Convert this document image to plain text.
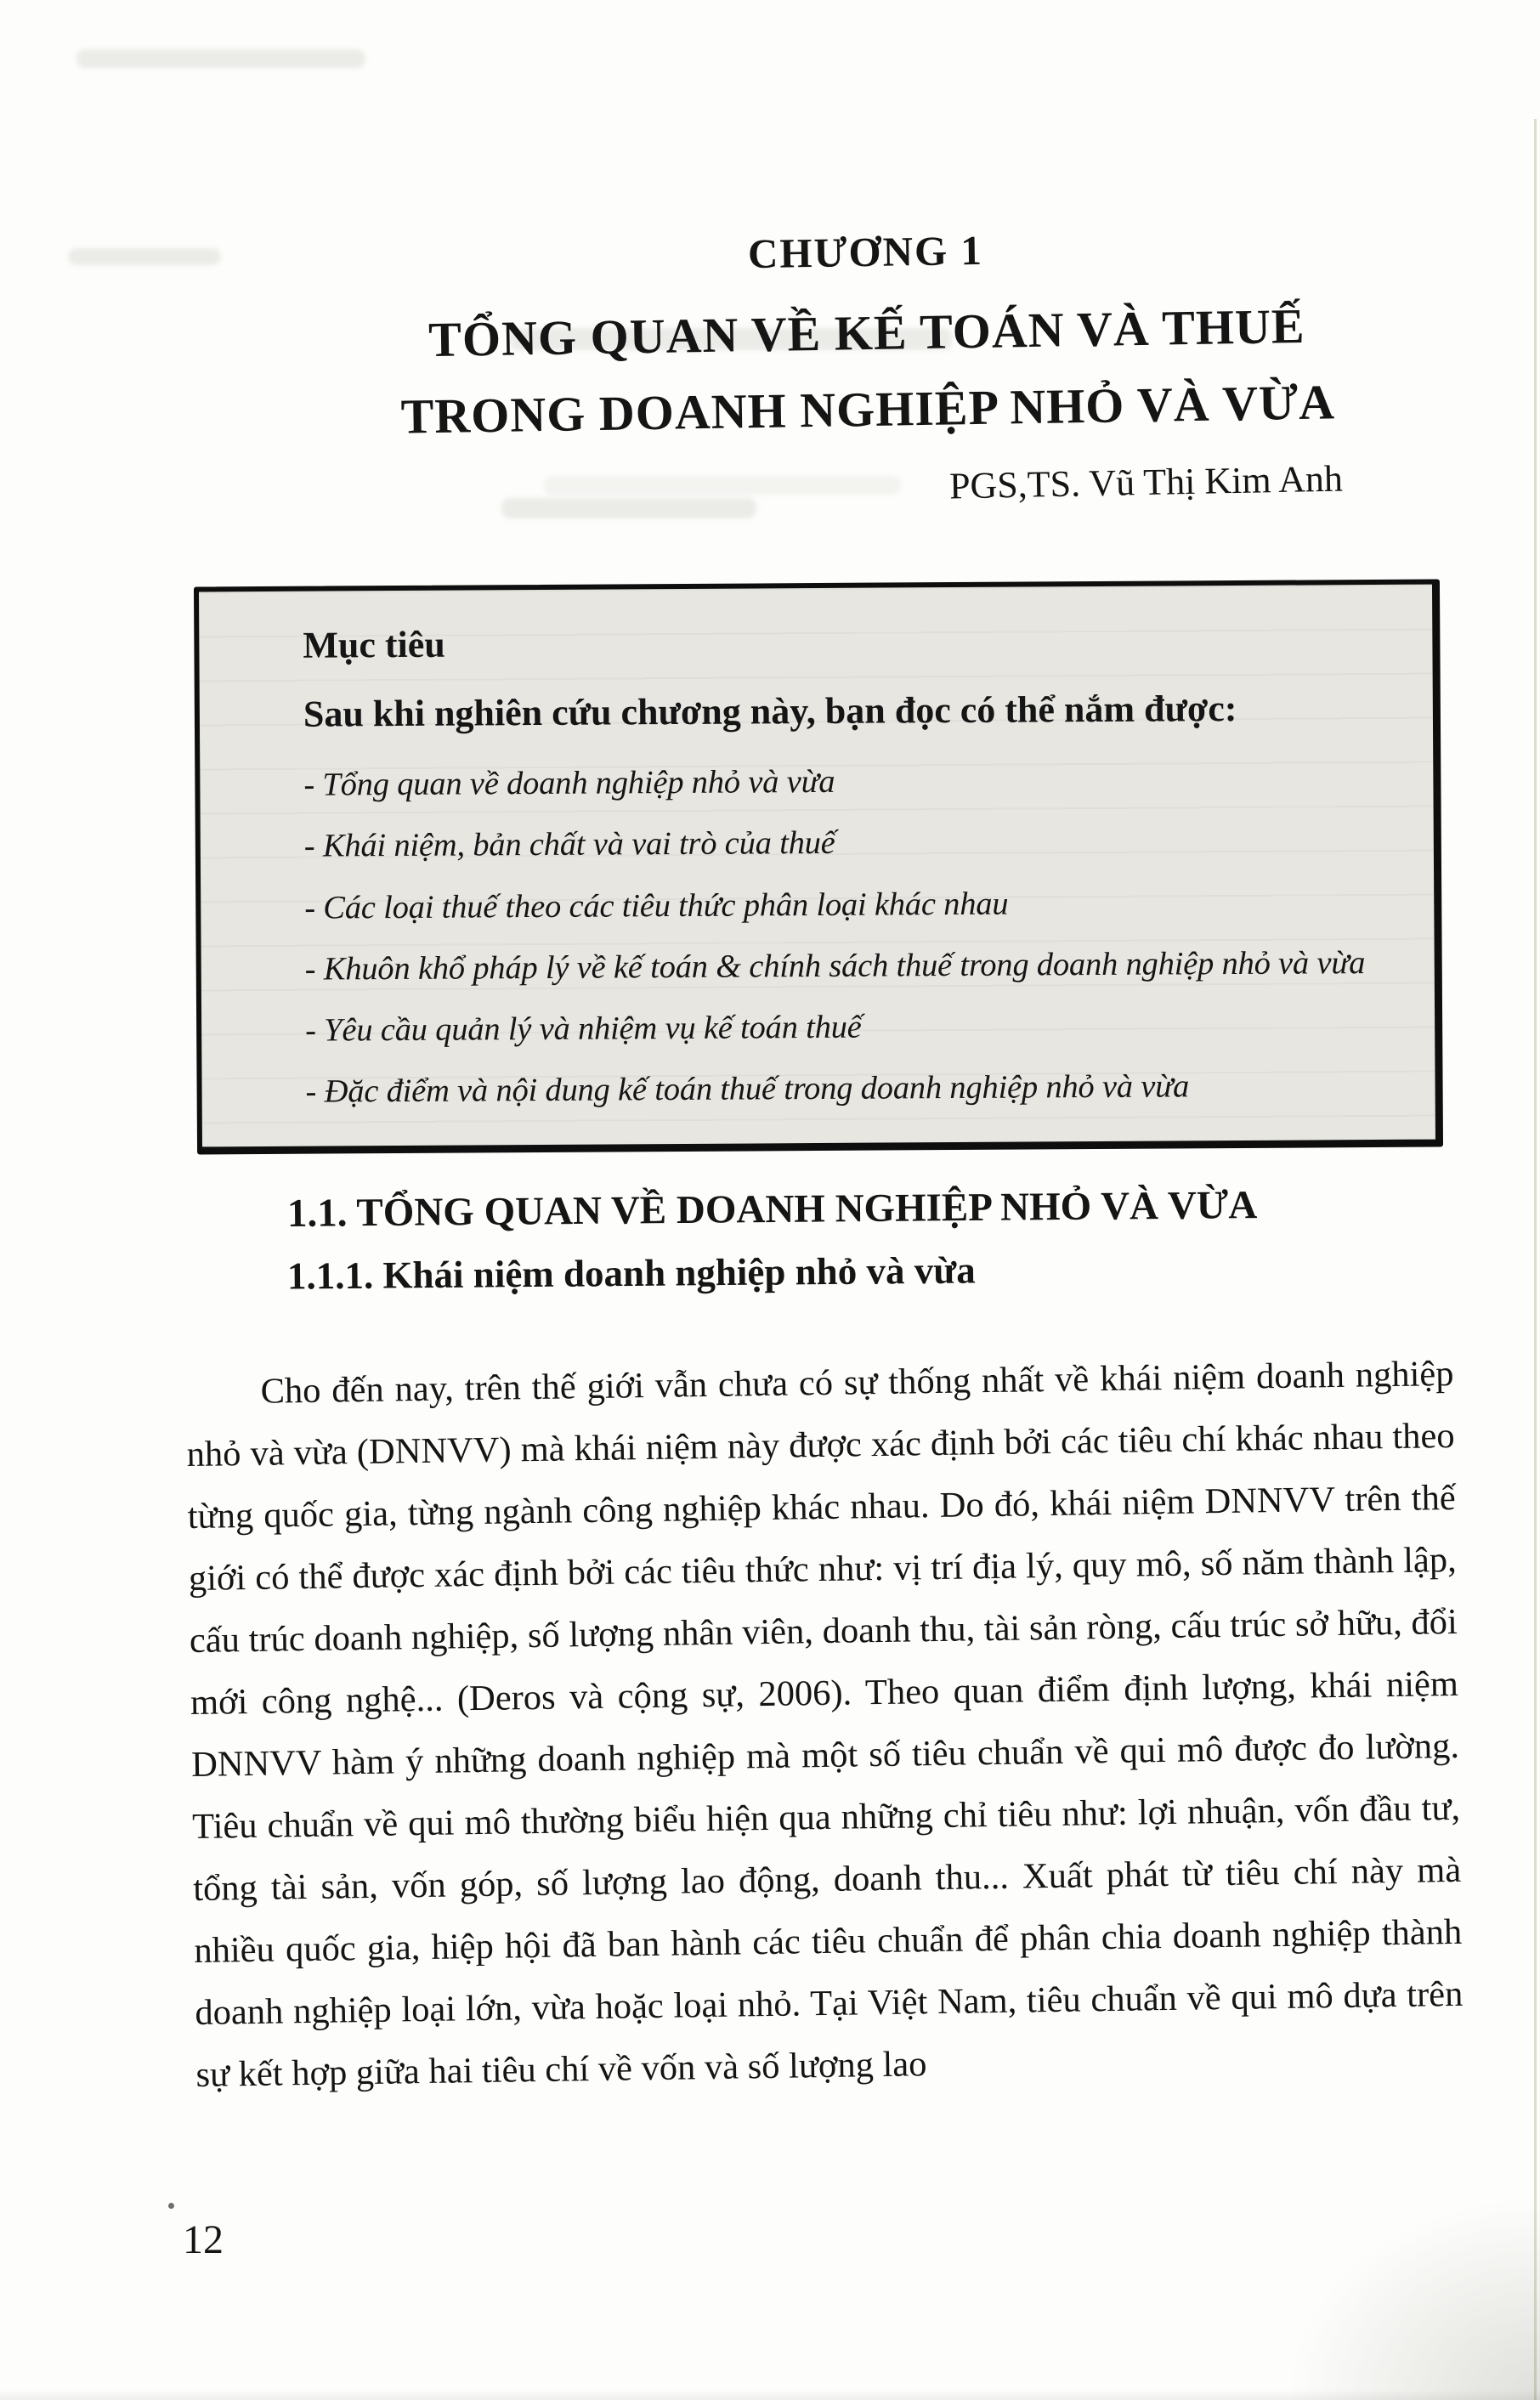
CHƯƠNG 1
TỔNG QUAN VỀ KẾ TOÁN VÀ THUẾ
TRONG DOANH NGHIỆP NHỎ VÀ VỪA
PGS,TS. Vũ Thị Kim Anh
Mục tiêu
Sau khi nghiên cứu chương này, bạn đọc có thể nắm được:
- Tổng quan về doanh nghiệp nhỏ và vừa
- Khái niệm, bản chất và vai trò của thuế
- Các loại thuế theo các tiêu thức phân loại khác nhau
- Khuôn khổ pháp lý về kế toán & chính sách thuế trong doanh nghiệp nhỏ và vừa
- Yêu cầu quản lý và nhiệm vụ kế toán thuế
- Đặc điểm và nội dung kế toán thuế trong doanh nghiệp nhỏ và vừa
1.1. TỔNG QUAN VỀ DOANH NGHIỆP NHỎ VÀ VỪA
1.1.1. Khái niệm doanh nghiệp nhỏ và vừa

Cho đến nay, trên thế giới vẫn chưa có sự thống nhất về khái niệm doanh nghiệp nhỏ và vừa (DNNVV) mà khái niệm này được xác định bởi các tiêu chí khác nhau theo từng quốc gia, từng ngành công nghiệp khác nhau. Do đó, khái niệm DNNVV trên thế giới có thể được xác định bởi các tiêu thức như: vị trí địa lý, quy mô, số năm thành lập, cấu trúc doanh nghiệp, số lượng nhân viên, doanh thu, tài sản ròng, cấu trúc sở hữu, đổi mới công nghệ... (Deros và cộng sự, 2006). Theo quan điểm định lượng, khái niệm DNNVV hàm ý những doanh nghiệp mà một số tiêu chuẩn về qui mô được đo lường. Tiêu chuẩn về qui mô thường biểu hiện qua những chỉ tiêu như: lợi nhuận, vốn đầu tư, tổng tài sản, vốn góp, số lượng lao động, doanh thu... Xuất phát từ tiêu chí này mà nhiều quốc gia, hiệp hội đã ban hành các tiêu chuẩn để phân chia doanh nghiệp thành doanh nghiệp loại lớn, vừa hoặc loại nhỏ. Tại Việt Nam, tiêu chuẩn về qui mô dựa trên sự kết hợp giữa hai tiêu chí về vốn và số lượng lao

12
